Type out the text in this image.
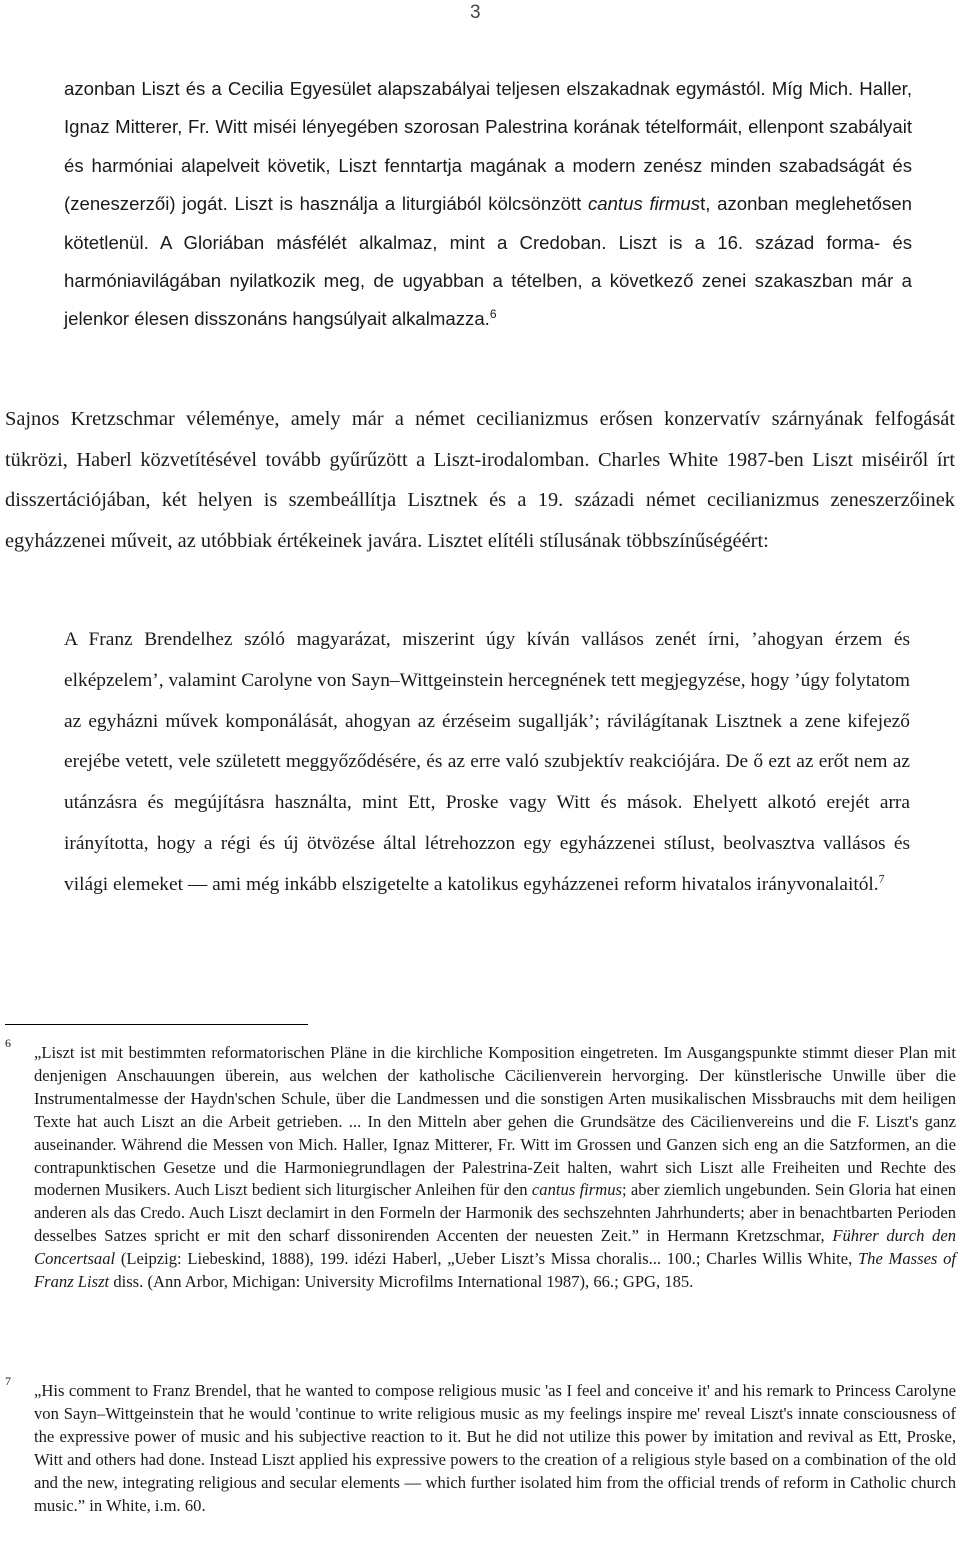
3
azonban Liszt és a Cecilia Egyesület alapszabályai teljesen elszakadnak egymástól. Míg Mich. Haller, Ignaz Mitterer, Fr. Witt miséi lényegében szorosan Palestrina korának tételformáit, ellenpont szabályait és harmóniai alapelveit követik, Liszt fenntartja magának a modern zenész minden szabadságát és (zeneszerzői) jogát. Liszt is használja a liturgiából kölcsönzött cantus firmust, azonban meglehetősen kötetlenül. A Gloriában másfélét alkalmaz, mint a Credoban. Liszt is a 16. század forma- és harmóniavilágában nyilatkozik meg, de ugyabban a tételben, a következő zenei szakaszban már a jelenkor élesen disszonáns hangsúlyait alkalmazza.$^6$
Sajnos Kretzschmar véleménye, amely már a német cecilianizmus erősen konzervatív szárnyának felfogását tükrözi, Haberl közvetítésével tovább gyűrűzött a Liszt-irodalomban. Charles White 1987-ben Liszt miséiről írt disszertációjában, két helyen is szembeállítja Lisztnek és a 19. századi német cecilianizmus zeneszerzőinek egyházzenei műveit, az utóbbiak értékeinek javára. Lisztet elítéli stílusának többszínűségéért:
A Franz Brendelhez szóló magyarázat, miszerint úgy kíván vallásos zenét írni, ’ahogyan érzem és elképzelem’, valamint Carolyne von Sayn–Wittgeinstein hercegnének tett megjegyzése, hogy ’úgy folytatom az egyházni művek komponálását, ahogyan az érzéseim sugallják’; rávilágítanak Lisztnek a zene kifejező erejébe vetett, vele született meggyőződésére, és az erre való szubjektív reakciójára. De ő ezt az erőt nem az utánzásra és megújításra használta, mint Ett, Proske vagy Witt és mások. Ehelyett alkotó erejét arra irányította, hogy a régi és új ötvözése által létrehozzon egy egyházzenei stílust, beolvasztva vallásos és világi elemeket — ami még inkább elszigetelte a katolikus egyházzenei reform hivatalos irányvonalaitól.$^7$
6 „Liszt ist mit bestimmten reformatorischen Pläne in die kirchliche Komposition eingetreten. Im Ausgangspunkte stimmt dieser Plan mit denjenigen Anschauungen überein, aus welchen der katholische Cäcilienverein hervorging. Der künstlerische Unwille über die Instrumentalmesse der Haydn'schen Schule, über die Landmessen und die sonstigen Arten musikalischen Missbrauchs mit dem heiligen Texte hat auch Liszt an die Arbeit getrieben. ... In den Mitteln aber gehen die Grundsätze des Cäcilienvereins und die F. Liszt's ganz auseinander. Während die Messen von Mich. Haller, Ignaz Mitterer, Fr. Witt im Grossen und Ganzen sich eng an die Satzformen, an die contrapunktischen Gesetze und die Harmoniegrundlagen der Palestrina-Zeit halten, wahrt sich Liszt alle Freiheiten und Rechte des modernen Musikers. Auch Liszt bedient sich liturgischer Anleihen für den cantus firmus; aber ziemlich ungebunden. Sein Gloria hat einen anderen als das Credo. Auch Liszt declamirt in den Formeln der Harmonik des sechszehnten Jahrhunderts; aber in benachtbarten Perioden desselbes Satzes spricht er mit den scharf dissonirenden Accenten der neuesten Zeit.” in Hermann Kretzschmar, Führer durch den Concertsaal (Leipzig: Liebeskind, 1888), 199. idézi Haberl, „Ueber Liszt’s Missa choralis... 100.; Charles Willis White, The Masses of Franz Liszt diss. (Ann Arbor, Michigan: University Microfilms International 1987), 66.; GPG, 185.
7 „His comment to Franz Brendel, that he wanted to compose religious music 'as I feel and conceive it' and his remark to Princess Carolyne von Sayn–Wittgeinstein that he would 'continue to write religious music as my feelings inspire me' reveal Liszt's innate consciousness of the expressive power of music and his subjective reaction to it. But he did not utilize this power by imitation and revival as Ett, Proske, Witt and others had done. Instead Liszt applied his expressive powers to the creation of a religious style based on a combination of the old and the new, integrating religious and secular elements — which further isolated him from the official trends of reform in Catholic church music.” in White, i.m. 60.
